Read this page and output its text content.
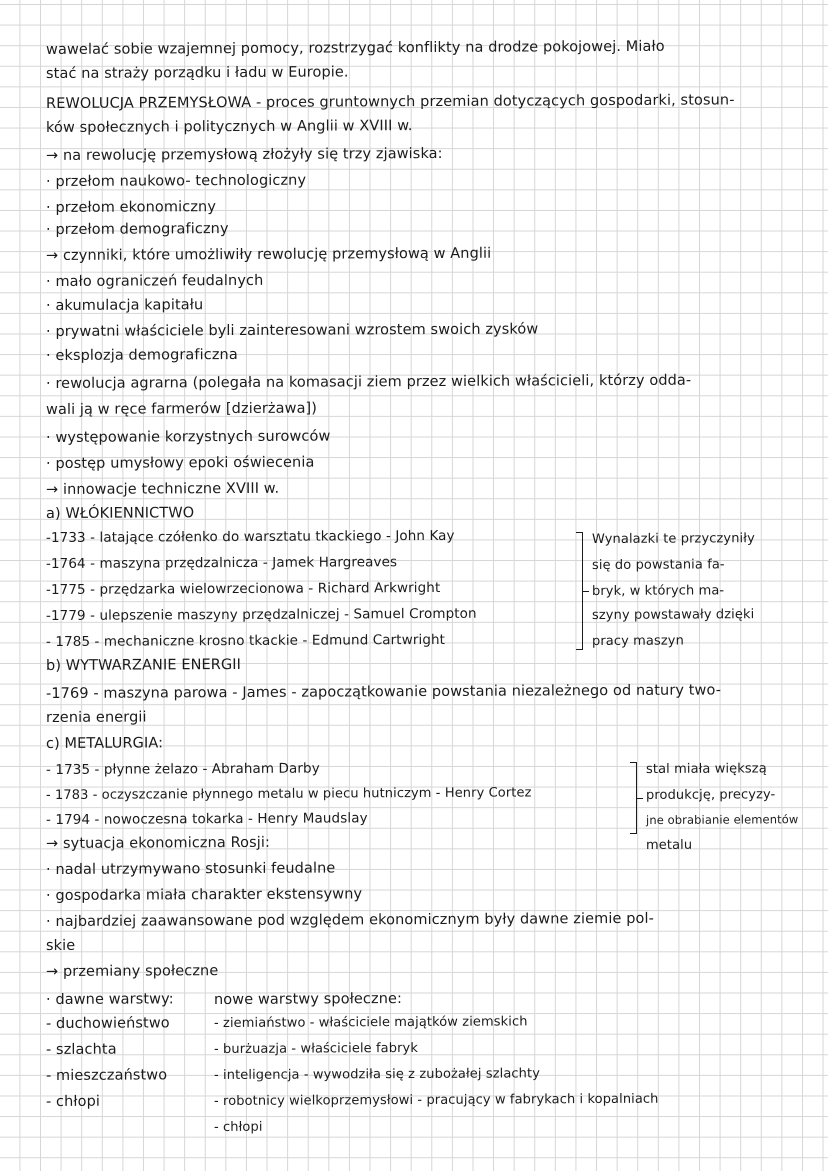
wawelać sobie wzajemnej pomocy, rozstrzygać konflikty na drodze pokojowej. Miało
stać na straży porządku i ładu w Europie.
REWOLUCJA PRZEMYSŁOWA - proces gruntownych przemian dotyczących gospodarki, stosun-
ków społecznych i politycznych w Anglii w XVIII w.
→ na rewolucję przemysłową złożyły się trzy zjawiska:
· przełom naukowo- technologiczny
· przełom ekonomiczny
· przełom demograficzny
→ czynniki, które umożliwiły rewolucję przemysłową w Anglii
· mało ograniczeń feudalnych
· akumulacja kapitału
· prywatni właściciele byli zainteresowani wzrostem swoich zysków
· eksplozja demograficzna
· rewolucja agrarna (polegała na komasacji ziem przez wielkich właścicieli, którzy odda-
wali ją w ręce farmerów [dzierżawa])
· występowanie korzystnych surowców
· postęp umysłowy epoki oświecenia
→ innowacje techniczne XVIII w.
a) WŁÓKIENNICTWO
-1733 - latające czółenko do warsztatu tkackiego - John Kay
-1764 - maszyna przędzalnicza - Jamek Hargreaves
-1775 - przędzarka wielowrzecionowa - Richard Arkwright
-1779 - ulepszenie maszyny przędzalniczej - Samuel Crompton
- 1785 - mechaniczne krosno tkackie - Edmund Cartwright
b) WYTWARZANIE ENERGII
-1769 - maszyna parowa - James - zapoczątkowanie powstania niezależnego od natury two-
rzenia energii
c) METALURGIA:
- 1735 - płynne żelazo - Abraham Darby
- 1783 - oczyszczanie płynnego metalu w piecu hutniczym - Henry Cortez
- 1794 - nowoczesna tokarka - Henry Maudslay
→ sytuacja ekonomiczna Rosji:
· nadal utrzymywano stosunki feudalne
· gospodarka miała charakter ekstensywny
· najbardziej zaawansowane pod względem ekonomicznym były dawne ziemie pol-
skie
→ przemiany społeczne
· dawne warstwy:
- duchowieństwo
- szlachta
- mieszczaństwo
- chłopi
nowe warstwy społeczne:
- ziemiaństwo - właściciele majątków ziemskich
- burżuazja - właściciele fabryk
- inteligencja - wywodziła się z zubożałej szlachty
- robotnicy wielkoprzemysłowi - pracujący w fabrykach i kopalniach
- chłopi
Wynalazki te przyczyniły
się do powstania fa-
bryk, w których ma-
szyny powstawały dzięki
pracy maszyn
stal miała większą
produkcję, precyzy-
jne obrabianie elementów
metalu
